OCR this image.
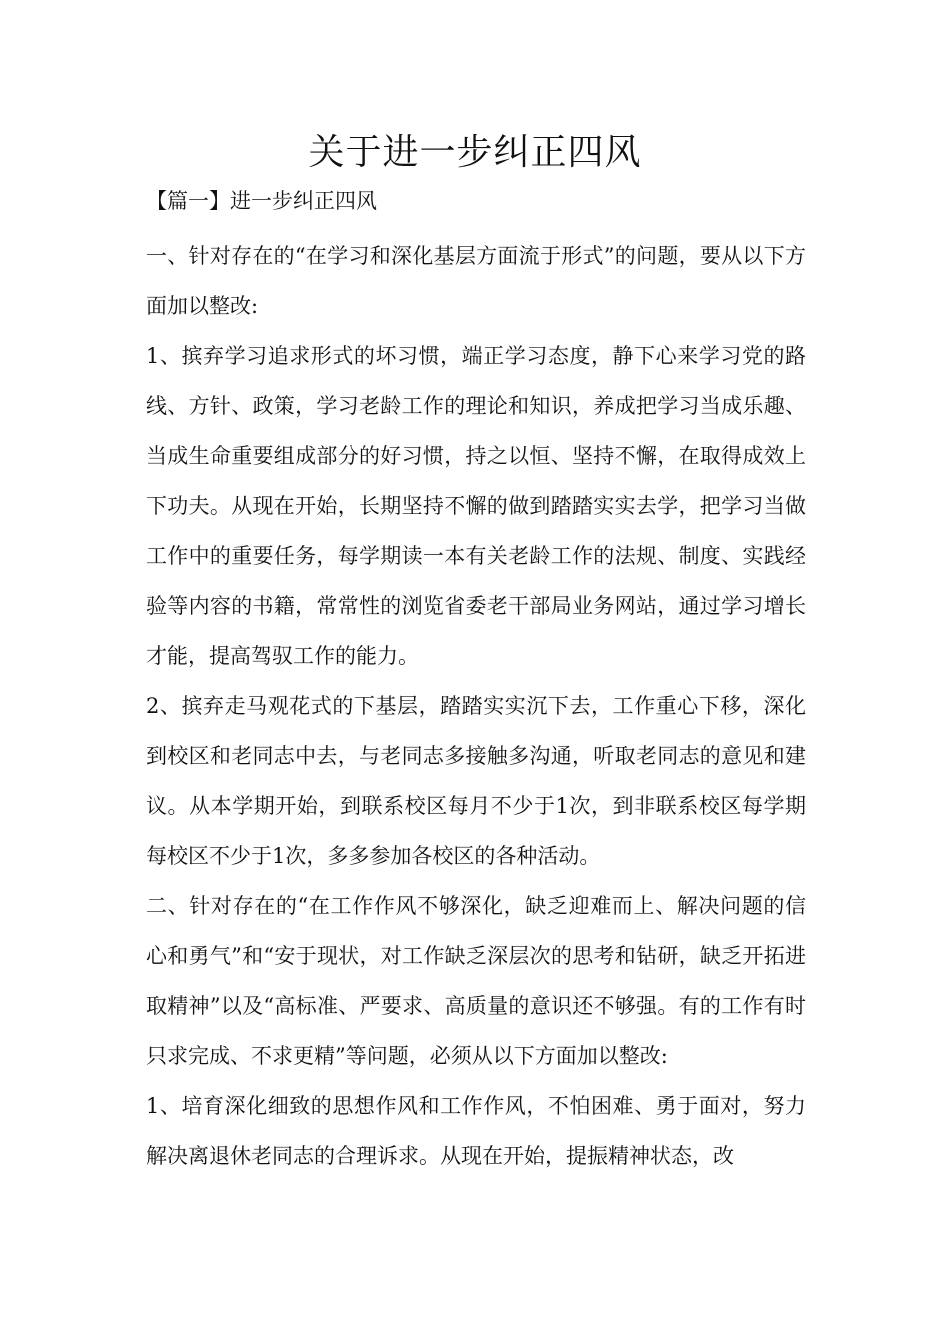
关于进一步纠正四风

【篇一】进一步纠正四风

一、针对存在的“在学习和深化基层方面流于形式”的问题，要从以下方面加以整改:

1、摈弃学习追求形式的坏习惯，端正学习态度，静下心来学习党的路线、方针、政策，学习老龄工作的理论和知识，养成把学习当成乐趣、当成生命重要组成部分的好习惯，持之以恒、坚持不懈，在取得成效上下功夫。从现在开始，长期坚持不懈的做到踏踏实实去学，把学习当做工作中的重要任务，每学期读一本有关老龄工作的法规、制度、实践经验等内容的书籍，常常性的浏览省委老干部局业务网站，通过学习增长才能，提高驾驭工作的能力。

2、摈弃走马观花式的下基层，踏踏实实沉下去，工作重心下移，深化到校区和老同志中去，与老同志多接触多沟通，听取老同志的意见和建议。从本学期开始，到联系校区每月不少于1次，到非联系校区每学期每校区不少于1次，多多参加各校区的各种活动。

二、针对存在的“在工作作风不够深化，缺乏迎难而上、解决问题的信心和勇气”和“安于现状，对工作缺乏深层次的思考和钻研，缺乏开拓进取精神”以及“高标准、严要求、高质量的意识还不够强。有的工作有时只求完成、不求更精”等问题，必须从以下方面加以整改:

1、培育深化细致的思想作风和工作作风，不怕困难、勇于面对，努力解决离退休老同志的合理诉求。从现在开始，提振精神状态，改
